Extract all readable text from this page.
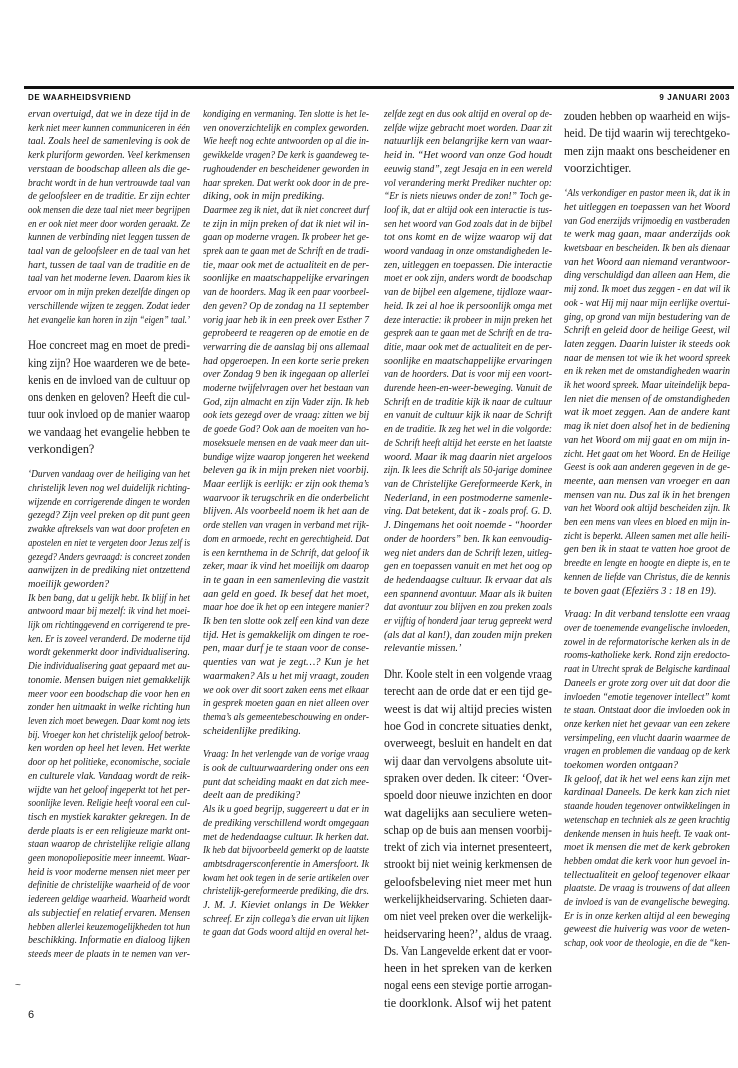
DE WAARHEIDSVRIEND	9 JANUARI 2003
ervan overtuigd, dat we in deze tijd in de
kerk niet meer kunnen communiceren in één
taal. Zoals heel de samenleving is ook de
kerk pluriform geworden. Veel kerkmensen
verstaan de boodschap alleen als die ge-
bracht wordt in de hun vertrouwde taal van
de geloofsleer en de traditie. Er zijn echter
ook mensen die deze taal niet meer begrijpen
en er ook niet meer door worden geraakt. Ze
kunnen de verbinding niet leggen tussen de
taal van de geloofsleer en de taal van het
hart, tussen de taal van de traditie en de
taal van het moderne leven. Daarom kies ik
ervoor om in mijn preken dezelfde dingen op
verschillende wijzen te zeggen. Zodat ieder
het evangelie kan horen in zijn “eigen” taal.’
Hoe concreet mag en moet de predi-
king zijn? Hoe waarderen we de bete-
kenis en de invloed van de cultuur op
ons denken en geloven? Heeft die cul-
tuur ook invloed op de manier waarop
we vandaag het evangelie hebben te
verkondigen?
‘Durven vandaag over de heiliging van het
christelijk leven nog wel duidelijk richting-
wijzende en corrigerende dingen te worden
gezegd? Zijn veel preken op dit punt geen
zwakke aftreksels van wat door profeten en
apostelen en niet te vergeten door Jezus zelf is
gezegd? Anders gevraagd: is concreet zonden
aanwijzen in de prediking niet ontzettend
moeilijk geworden?
Ik ben bang, dat u gelijk hebt. Ik blijf in het
antwoord maar bij mezelf: ik vind het moei-
lijk om richtinggevend en corrigerend te pre-
ken. Er is zoveel veranderd. De moderne tijd
wordt gekenmerkt door individualisering.
Die individualisering gaat gepaard met au-
tonomie. Mensen buigen niet gemakkelijk
meer voor een boodschap die voor hen en
zonder hen uitmaakt in welke richting hun
leven zich moet bewegen. Daar komt nog iets
bij. Vroeger kon het christelijk geloof betrok-
ken worden op heel het leven. Het werkte
door op het politieke, economische, sociale
en culturele vlak. Vandaag wordt de reik-
wijdte van het geloof ingeperkt tot het per-
soonlijke leven. Religie heeft vooral een cul-
tisch en mystiek karakter gekregen. In de
derde plaats is er een religieuze markt ont-
staan waarop de christelijke religie allang
geen monopoliepositie meer inneemt. Waar-
heid is voor moderne mensen niet meer per
definitie de christelijke waarheid of de voor
iedereen geldige waarheid. Waarheid wordt
als subjectief en relatief ervaren. Mensen
hebben allerlei keuzemogelijkheden tot hun
beschikking. Informatie en dialoog lijken
steeds meer de plaats in te nemen van ver-
kondiging en vermaning. Ten slotte is het le-
ven onoverzichtelijk en complex geworden.
Wie heeft nog echte antwoorden op al die in-
gewikkelde vragen? De kerk is gaandeweg te-
rughoudender en bescheidener geworden in
haar spreken. Dat werkt ook door in de pre-
diking, ook in mijn prediking.
Daarmee zeg ik niet, dat ik niet concreet durf
te zijn in mijn preken of dat ik niet wil in-
gaan op moderne vragen. Ik probeer het ge-
sprek aan te gaan met de Schrift en de tradi-
tie, maar ook met de actualiteit en de per-
soonlijke en maatschappelijke ervaringen
van de hoorders. Mag ik een paar voorbeel-
den geven? Op de zondag na 11 september
vorig jaar heb ik in een preek over Esther 7
geprobeerd te reageren op de emotie en de
verwarring die de aanslag bij ons allemaal
had opgeroepen. In een korte serie preken
over Zondag 9 ben ik ingegaan op allerlei
moderne twijfelvragen over het bestaan van
God, zijn almacht en zijn Vader zijn. Ik heb
ook iets gezegd over de vraag: zitten we bij
de goede God? Ook aan de moeiten van ho-
moseksuele mensen en de vaak meer dan uit-
bundige wijze waarop jongeren het weekend
beleven ga ik in mijn preken niet voorbij.
Maar eerlijk is eerlijk: er zijn ook thema’s
waarvoor ik terugschrik en die onderbelicht
blijven. Als voorbeeld noem ik het aan de
orde stellen van vragen in verband met rijk-
dom en armoede, recht en gerechtigheid. Dat
is een kernthema in de Schrift, dat geloof ik
zeker, maar ik vind het moeilijk om daarop
in te gaan in een samenleving die vastzit
aan geld en goed. Ik besef dat het moet,
maar hoe doe ik het op een integere manier?
Ik ben ten slotte ook zelf een kind van deze
tijd. Het is gemakkelijk om dingen te roe-
pen, maar durf je te staan voor de conse-
quenties van wat je zegt…? Kun je het
waarmaken? Als u het mij vraagt, zouden
we ook over dit soort zaken eens met elkaar
in gesprek moeten gaan en niet alleen over
thema’s als gemeentebeschouwing en onder-
scheidenlijke prediking.
Vraag: In het verlengde van de vorige vraag
is ook de cultuurwaardering onder ons een
punt dat scheiding maakt en dat zich mee-
deelt aan de prediking?
Als ik u goed begrijp, suggereert u dat er in
de prediking verschillend wordt omgegaan
met de hedendaagse cultuur. Ik herken dat.
Ik heb dat bijvoorbeeld gemerkt op de laatste
ambtsdragersconferentie in Amersfoort. Ik
kwam het ook tegen in de serie artikelen over
christelijk-gereformeerde prediking, die drs.
J. M. J. Kieviet onlangs in De Wekker
schreef. Er zijn collega’s die ervan uit lijken
te gaan dat Gods woord altijd en overal het-
zelfde zegt en dus ook altijd en overal op de-
zelfde wijze gebracht moet worden. Daar zit
natuurlijk een belangrijke kern van waar-
heid in. “Het woord van onze God houdt
eeuwig stand”, zegt Jesaja en in een wereld
vol verandering merkt Prediker nuchter op:
“Er is niets nieuws onder de zon!” Toch ge-
loof ik, dat er altijd ook een interactie is tus-
sen het woord van God zoals dat in de bijbel
tot ons komt en de wijze waarop wij dat
woord vandaag in onze omstandigheden le-
zen, uitleggen en toepassen. Die interactie
moet er ook zijn, anders wordt de boodschap
van de bijbel een algemene, tijdloze waar-
heid. Ik zei al hoe ik persoonlijk omga met
deze interactie: ik probeer in mijn preken het
gesprek aan te gaan met de Schrift en de tra-
ditie, maar ook met de actualiteit en de per-
soonlijke en maatschappelijke ervaringen
van de hoorders. Dat is voor mij een voort-
durende heen-en-weer-beweging. Vanuit de
Schrift en de traditie kijk ik naar de cultuur
en vanuit de cultuur kijk ik naar de Schrift
en de traditie. Ik zeg het wel in die volgorde:
de Schrift heeft altijd het eerste en het laatste
woord. Maar ik mag daarin niet argeloos
zijn. Ik lees die Schrift als 50-jarige dominee
van de Christelijke Gereformeerde Kerk, in
Nederland, in een postmoderne samenle-
ving. Dat betekent, dat ik - zoals prof. G. D.
J. Dingemans het ooit noemde - “hoorder
onder de hoorders” ben. Ik kan eenvoudig-
weg niet anders dan de Schrift lezen, uitleg-
gen en toepassen vanuit en met het oog op
de hedendaagse cultuur. Ik ervaar dat als
een spannend avontuur. Maar als ik buiten
dat avontuur zou blijven en zou preken zoals
er vijftig of honderd jaar terug gepreekt werd
(als dat al kan!), dan zouden mijn preken
relevantie missen.’
Dhr. Koole stelt in een volgende vraag
terecht aan de orde dat er een tijd ge-
weest is dat wij altijd precies wisten
hoe God in concrete situaties denkt,
overweegt, besluit en handelt en dat
wij daar dan vervolgens absolute uit-
spraken over deden. Ik citeer: ‘Over-
spoeld door nieuwe inzichten en door
wat dagelijks aan seculiere weten-
schap op de buis aan mensen voorbij-
trekt of zich via internet presenteert,
strookt bij niet weinig kerkmensen de
geloofsbeleving niet meer met hun
werkelijkheidservaring. Schieten daar-
om niet veel preken over die werkelijk-
heidservaring heen?’, aldus de vraag.
Ds. Van Langevelde erkent dat er voor-
heen in het spreken van de kerken
nogal eens een stevige portie arrogan-
tie doorklonk. Alsof wij het patent
zouden hebben op waarheid en wijs-
heid. De tijd waarin wij terechtgeko-
men zijn maakt ons bescheidener en
voorzichtiger.
‘Als verkondiger en pastor meen ik, dat ik in
het uitleggen en toepassen van het Woord
van God enerzijds vrijmoedig en vastberaden
te werk mag gaan, maar anderzijds ook
kwetsbaar en bescheiden. Ik ben als dienaar
van het Woord aan niemand verantwoor-
ding verschuldigd dan alleen aan Hem, die
mij zond. Ik moet dus zeggen - en dat wil ik
ook - wat Hij mij naar mijn eerlijke overtui-
ging, op grond van mijn bestudering van de
Schrift en geleid door de heilige Geest, wil
laten zeggen. Daarin luister ik steeds ook
naar de mensen tot wie ik het woord spreek
en ik reken met de omstandigheden waarin
ik het woord spreek. Maar uiteindelijk bepa-
len niet die mensen of de omstandigheden
wat ik moet zeggen. Aan de andere kant
mag ik niet doen alsof het in de bediening
van het Woord om mij gaat en om mijn in-
zicht. Het gaat om het Woord. En de Heilige
Geest is ook aan anderen gegeven in de ge-
meente, aan mensen van vroeger en aan
mensen van nu. Dus zal ik in het brengen
van het Woord ook altijd bescheiden zijn. Ik
ben een mens van vlees en bloed en mijn in-
zicht is beperkt. Alleen samen met alle heili-
gen ben ik in staat te vatten hoe groot de
breedte en lengte en hoogte en diepte is, en te
kennen de liefde van Christus, die de kennis
te boven gaat (Efeziërs 3 : 18 en 19).
Vraag: In dit verband tenslotte een vraag
over de toenemende evangelische invloeden,
zowel in de reformatorische kerken als in de
rooms-katholieke kerk. Rond zijn eredocto-
raat in Utrecht sprak de Belgische kardinaal
Daneels er grote zorg over uit dat door die
invloeden “emotie tegenover intellect” komt
te staan. Ontstaat door die invloeden ook in
onze kerken niet het gevaar van een zekere
versimpeling, een vlucht daarin waarmee de
vragen en problemen die vandaag op de kerk
toekomen worden ontgaan?
Ik geloof, dat ik het wel eens kan zijn met
kardinaal Daneels. De kerk kan zich niet
staande houden tegenover ontwikkelingen in
wetenschap en techniek als ze geen krachtig
denkende mensen in huis heeft. Te vaak ont-
moet ik mensen die met de kerk gebroken
hebben omdat die kerk voor hun gevoel in-
tellectualiteit en geloof tegenover elkaar
plaatste. De vraag is trouwens of dat alleen
de invloed is van de evangelische beweging.
Er is in onze kerken altijd al een beweging
geweest die huiverig was voor de weten-
schap, ook voor de theologie, en die de “ken-
~
6
